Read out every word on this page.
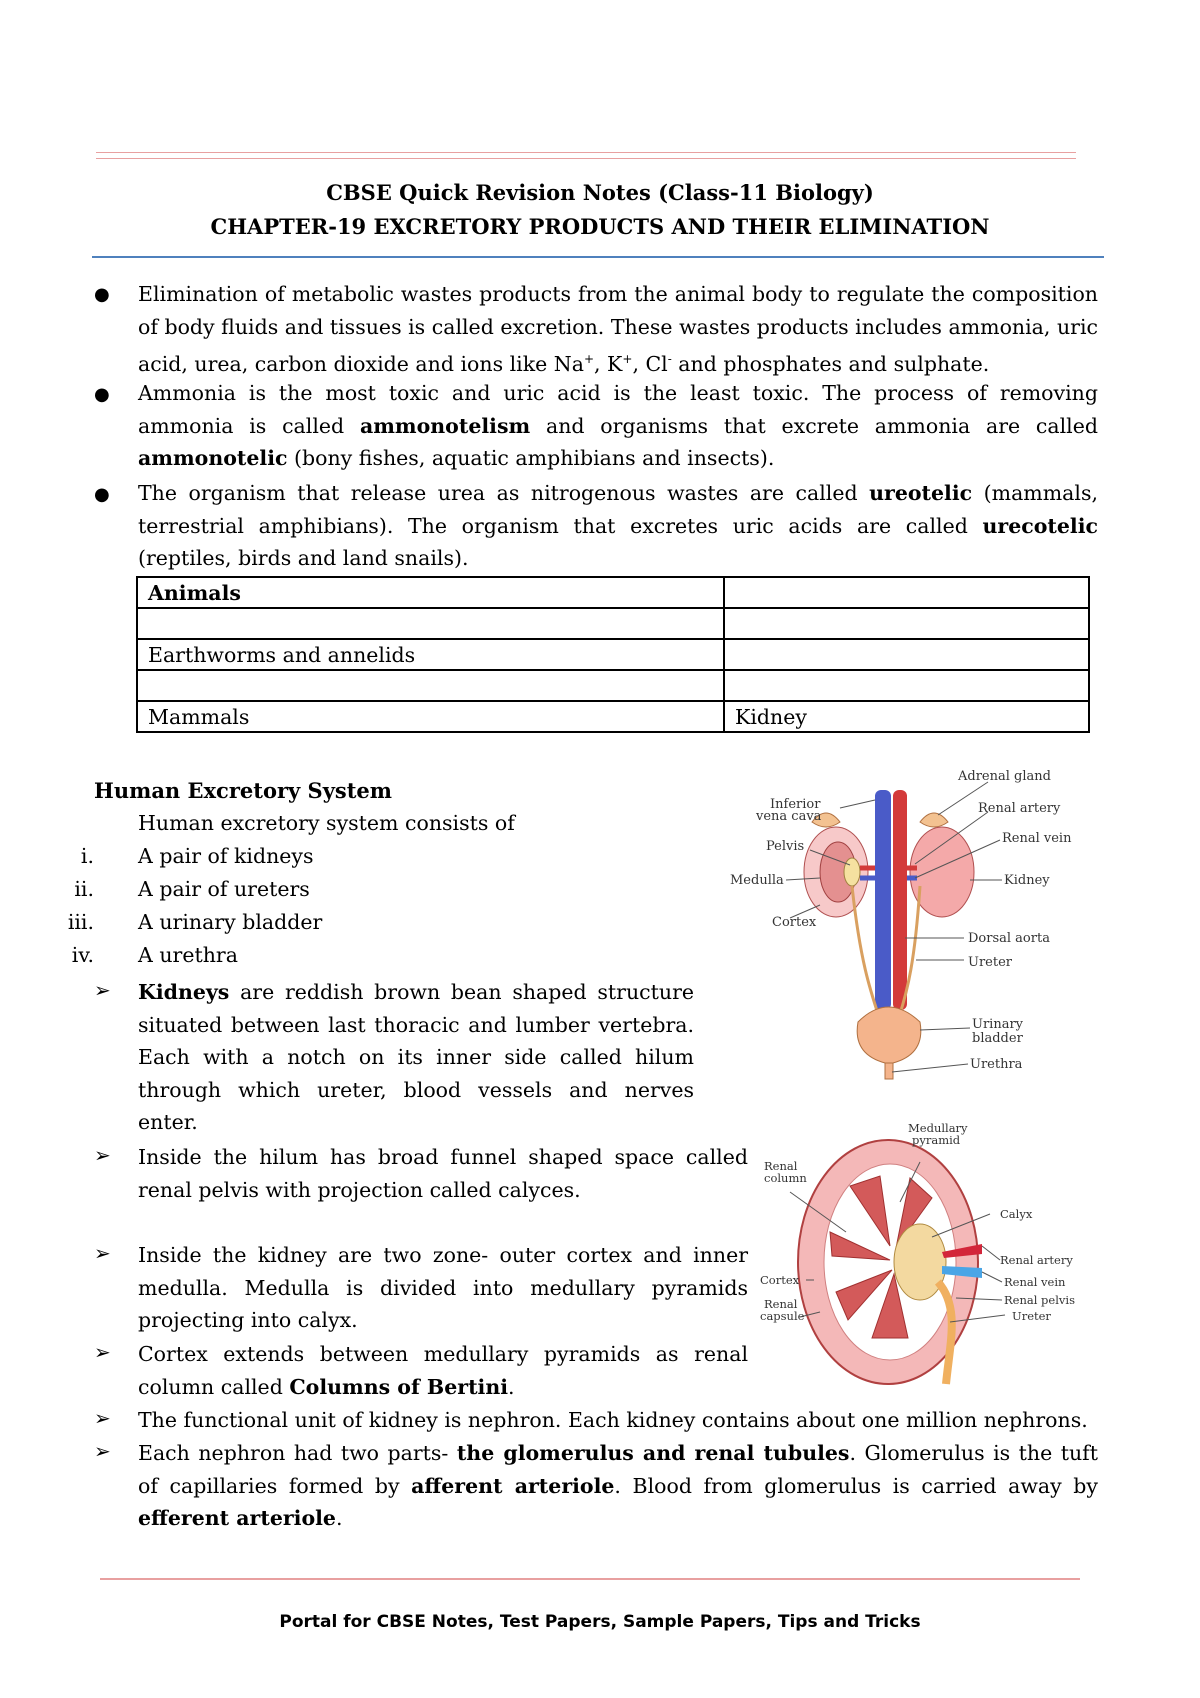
CBSE Quick Revision Notes (Class-11 Biology)
CHAPTER-19 EXCRETORY PRODUCTS AND THEIR ELIMINATION
● Elimination of metabolic wastes products from the animal body to regulate the composition of body fluids and tissues is called excretion. These wastes products includes ammonia, uric acid, urea, carbon dioxide and ions like Na+, K+, Cl- and phosphates and sulphate.
● Ammonia is the most toxic and uric acid is the least toxic. The process of removing ammonia is called ammonotelism and organisms that excrete ammonia are called ammonotelic (bony fishes, aquatic amphibians and insects).
● The organism that release urea as nitrogenous wastes are called ureotelic (mammals, terrestrial amphibians). The organism that excretes uric acids are called urecotelic (reptiles, birds and land snails).
Animals	

Earthworms and annelids	

Mammals	Kidney
Human Excretory System
Human excretory system consists of
i. A pair of kidneys
ii. A pair of ureters
iii. A urinary bladder
iv. A urethra
➢ Kidneys are reddish brown bean shaped structure situated between last thoracic and lumber vertebra. Each with a notch on its inner side called hilum through which ureter, blood vessels and nerves enter.
➢ Inside the hilum has broad funnel shaped space called renal pelvis with projection called calyces.
➢ Inside the kidney are two zone- outer cortex and inner medulla. Medulla is divided into medullary pyramids projecting into calyx.
➢ Cortex extends between medullary pyramids as renal column called Columns of Bertini.
➢ The functional unit of kidney is nephron. Each kidney contains about one million nephrons.
➢ Each nephron had two parts- the glomerulus and renal tubules. Glomerulus is the tuft of capillaries formed by afferent arteriole. Blood from glomerulus is carried away by efferent arteriole.
Adrenal gland
Inferior
vena cava
Renal artery
Pelvis
Renal vein
Medulla	Kidney
Cortex
Dorsal aorta
Ureter
Urinary
bladder
Urethra
Medullary
pyramid
Renal
column
Calyx
Renal artery
Cortex	Renal vein
Renal
capsule
Renal pelvis
Ureter
Portal for CBSE Notes, Test Papers, Sample Papers, Tips and Tricks
